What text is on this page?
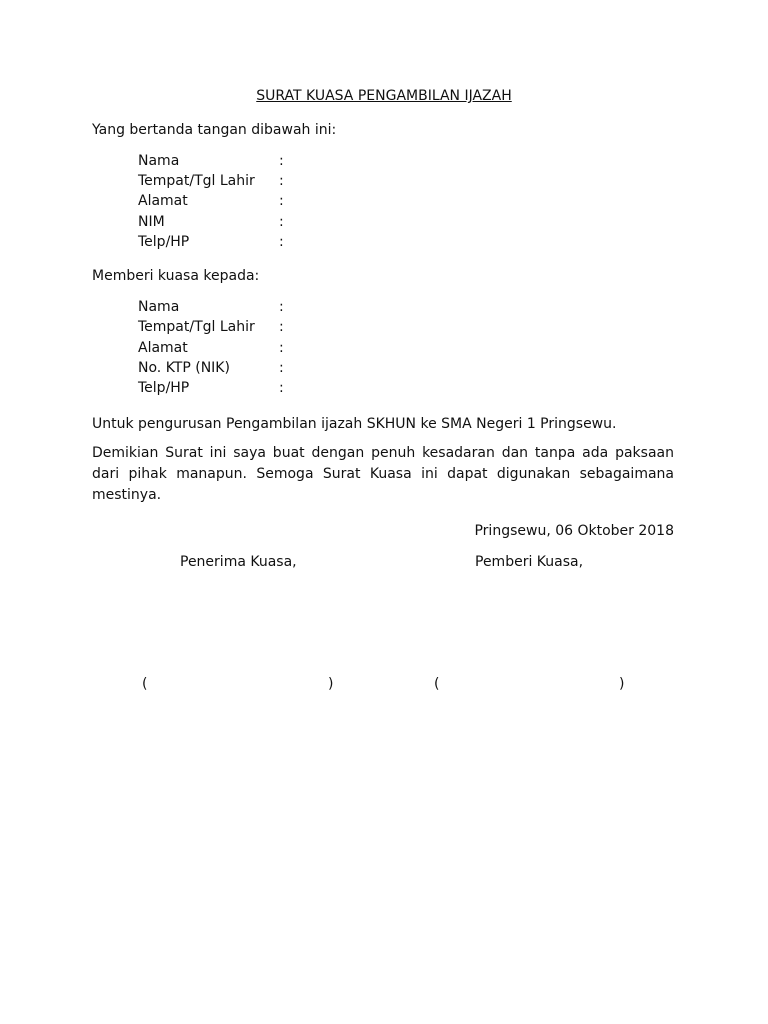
SURAT KUASA PENGAMBILAN IJAZAH
Yang bertanda tangan dibawah ini:
Nama	:
Tempat/Tgl Lahir :
Alamat	:
NIM	:
Telp/HP	:
Memberi kuasa kepada:
Nama	:
Tempat/Tgl Lahir :
Alamat	:
No. KTP (NIK)	:
Telp/HP	:
Untuk pengurusan Pengambilan ijazah SKHUN ke SMA Negeri 1 Pringsewu.
Demikian Surat ini saya buat dengan penuh kesadaran dan tanpa ada paksaan dari pihak manapun. Semoga Surat Kuasa ini dapat digunakan sebagaimana mestinya.
Pringsewu, 06 Oktober 2018
Penerima Kuasa,	Pemberi Kuasa,
(	)	(	)
